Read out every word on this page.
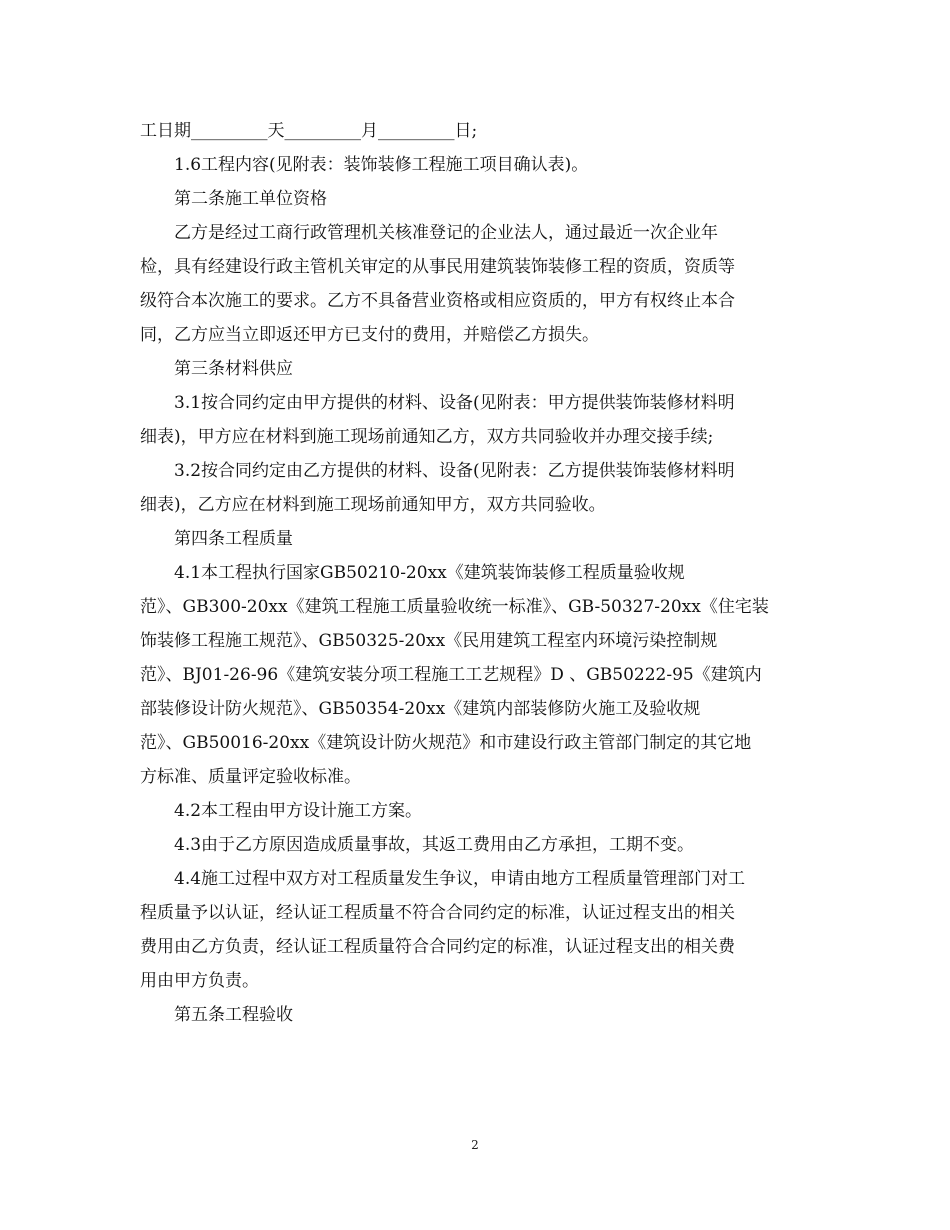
工日期_________天_________月_________日;
1.6工程内容(见附表：装饰装修工程施工项目确认表)。
第二条施工单位资格
乙方是经过工商行政管理机关核准登记的企业法人，通过最近一次企业年
检，具有经建设行政主管机关审定的从事民用建筑装饰装修工程的资质，资质等
级符合本次施工的要求。乙方不具备营业资格或相应资质的，甲方有权终止本合
同，乙方应当立即返还甲方已支付的费用，并赔偿乙方损失。
第三条材料供应
3.1按合同约定由甲方提供的材料、设备(见附表：甲方提供装饰装修材料明
细表)，甲方应在材料到施工现场前通知乙方，双方共同验收并办理交接手续;
3.2按合同约定由乙方提供的材料、设备(见附表：乙方提供装饰装修材料明
细表)，乙方应在材料到施工现场前通知甲方，双方共同验收。
第四条工程质量
4.1本工程执行国家GB50210-20xx《建筑装饰装修工程质量验收规
范》、GB300-20xx《建筑工程施工质量验收统一标准》、GB-50327-20xx《住宅装
饰装修工程施工规范》、GB50325-20xx《民用建筑工程室内环境污染控制规
范》、BJ01-26-96《建筑安装分项工程施工工艺规程》D 、GB50222-95《建筑内
部装修设计防火规范》、GB50354-20xx《建筑内部装修防火施工及验收规
范》、GB50016-20xx《建筑设计防火规范》和市建设行政主管部门制定的其它地
方标准、质量评定验收标准。
4.2本工程由甲方设计施工方案。
4.3由于乙方原因造成质量事故，其返工费用由乙方承担，工期不变。
4.4施工过程中双方对工程质量发生争议，申请由地方工程质量管理部门对工
程质量予以认证，经认证工程质量不符合合同约定的标准，认证过程支出的相关
费用由乙方负责，经认证工程质量符合合同约定的标准，认证过程支出的相关费
用由甲方负责。
第五条工程验收
2
